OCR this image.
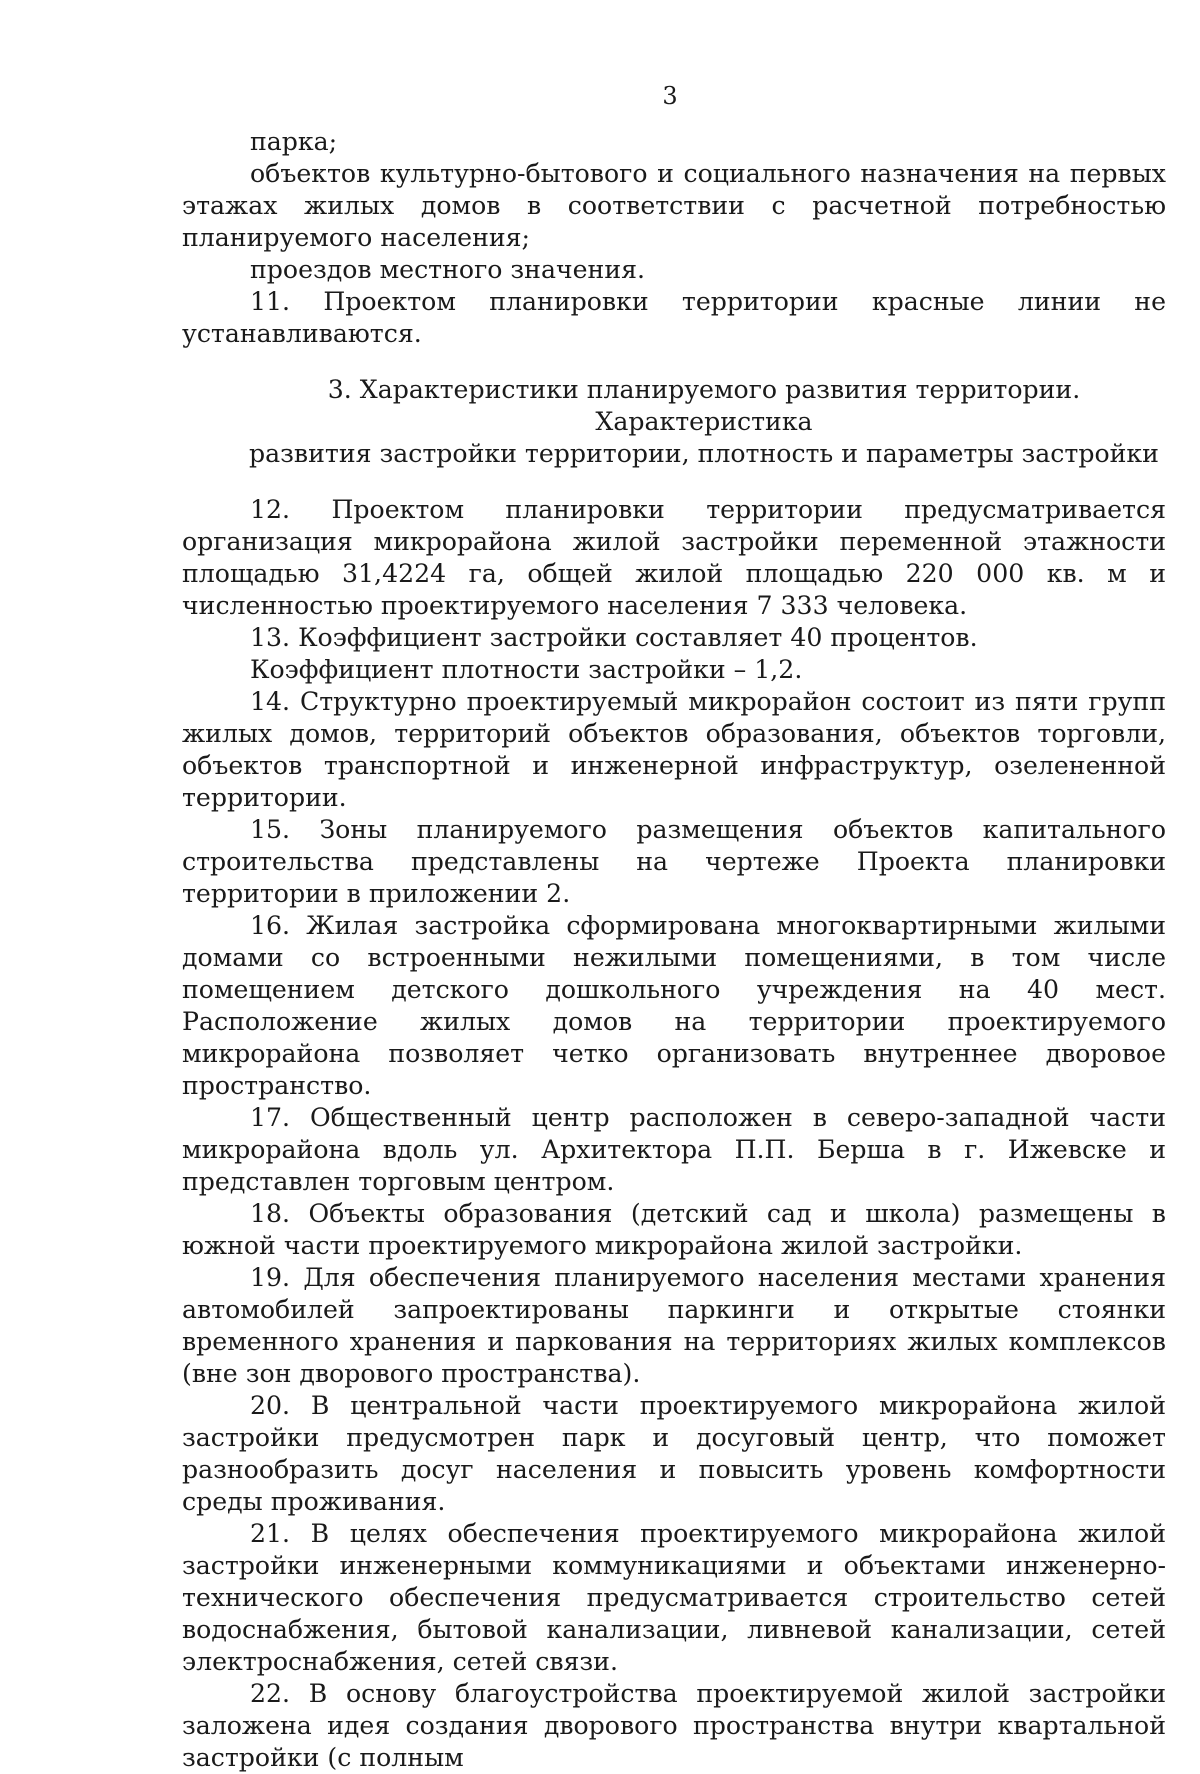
3

парка;

объектов культурно-бытового и социального назначения на первых этажах жилых домов в соответствии с расчетной потребностью планируемого населения;

проездов местного значения.

11. Проектом планировки территории красные линии не устанавливаются.

3. Характеристики планируемого развития территории. Характеристика
развития застройки территории, плотность и параметры застройки

12. Проектом планировки территории предусматривается организация микрорайона жилой застройки переменной этажности площадью 31,4224 га, общей жилой площадью 220 000 кв. м и численностью проектируемого населения 7 333 человека.

13. Коэффициент застройки составляет 40 процентов.

Коэффициент плотности застройки – 1,2.

14. Структурно проектируемый микрорайон состоит из пяти групп жилых домов, территорий объектов образования, объектов торговли, объектов транспортной и инженерной инфраструктур, озелененной территории.

15. Зоны планируемого размещения объектов капитального строительства представлены на чертеже Проекта планировки территории в приложении 2.

16. Жилая застройка сформирована многоквартирными жилыми домами со встроенными нежилыми помещениями, в том числе помещением детского дошкольного учреждения на 40 мест. Расположение жилых домов на территории проектируемого микрорайона позволяет четко организовать внутреннее дворовое пространство.

17. Общественный центр расположен в северо-западной части микрорайона вдоль ул. Архитектора П.П. Берша в г. Ижевске и представлен торговым центром.

18. Объекты образования (детский сад и школа) размещены в южной части проектируемого микрорайона жилой застройки.

19. Для обеспечения планируемого населения местами хранения автомобилей запроектированы паркинги и открытые стоянки временного хранения и паркования на территориях жилых комплексов (вне зон дворового пространства).

20. В центральной части проектируемого микрорайона жилой застройки предусмотрен парк и досуговый центр, что поможет разнообразить досуг населения и повысить уровень комфортности среды проживания.

21. В целях обеспечения проектируемого микрорайона жилой застройки инженерными коммуникациями и объектами инженерно-технического обеспечения предусматривается строительство сетей водоснабжения, бытовой канализации, ливневой канализации, сетей электроснабжения, сетей связи.

22. В основу благоустройства проектируемой жилой застройки заложена идея создания дворового пространства внутри квартальной застройки (с полным
